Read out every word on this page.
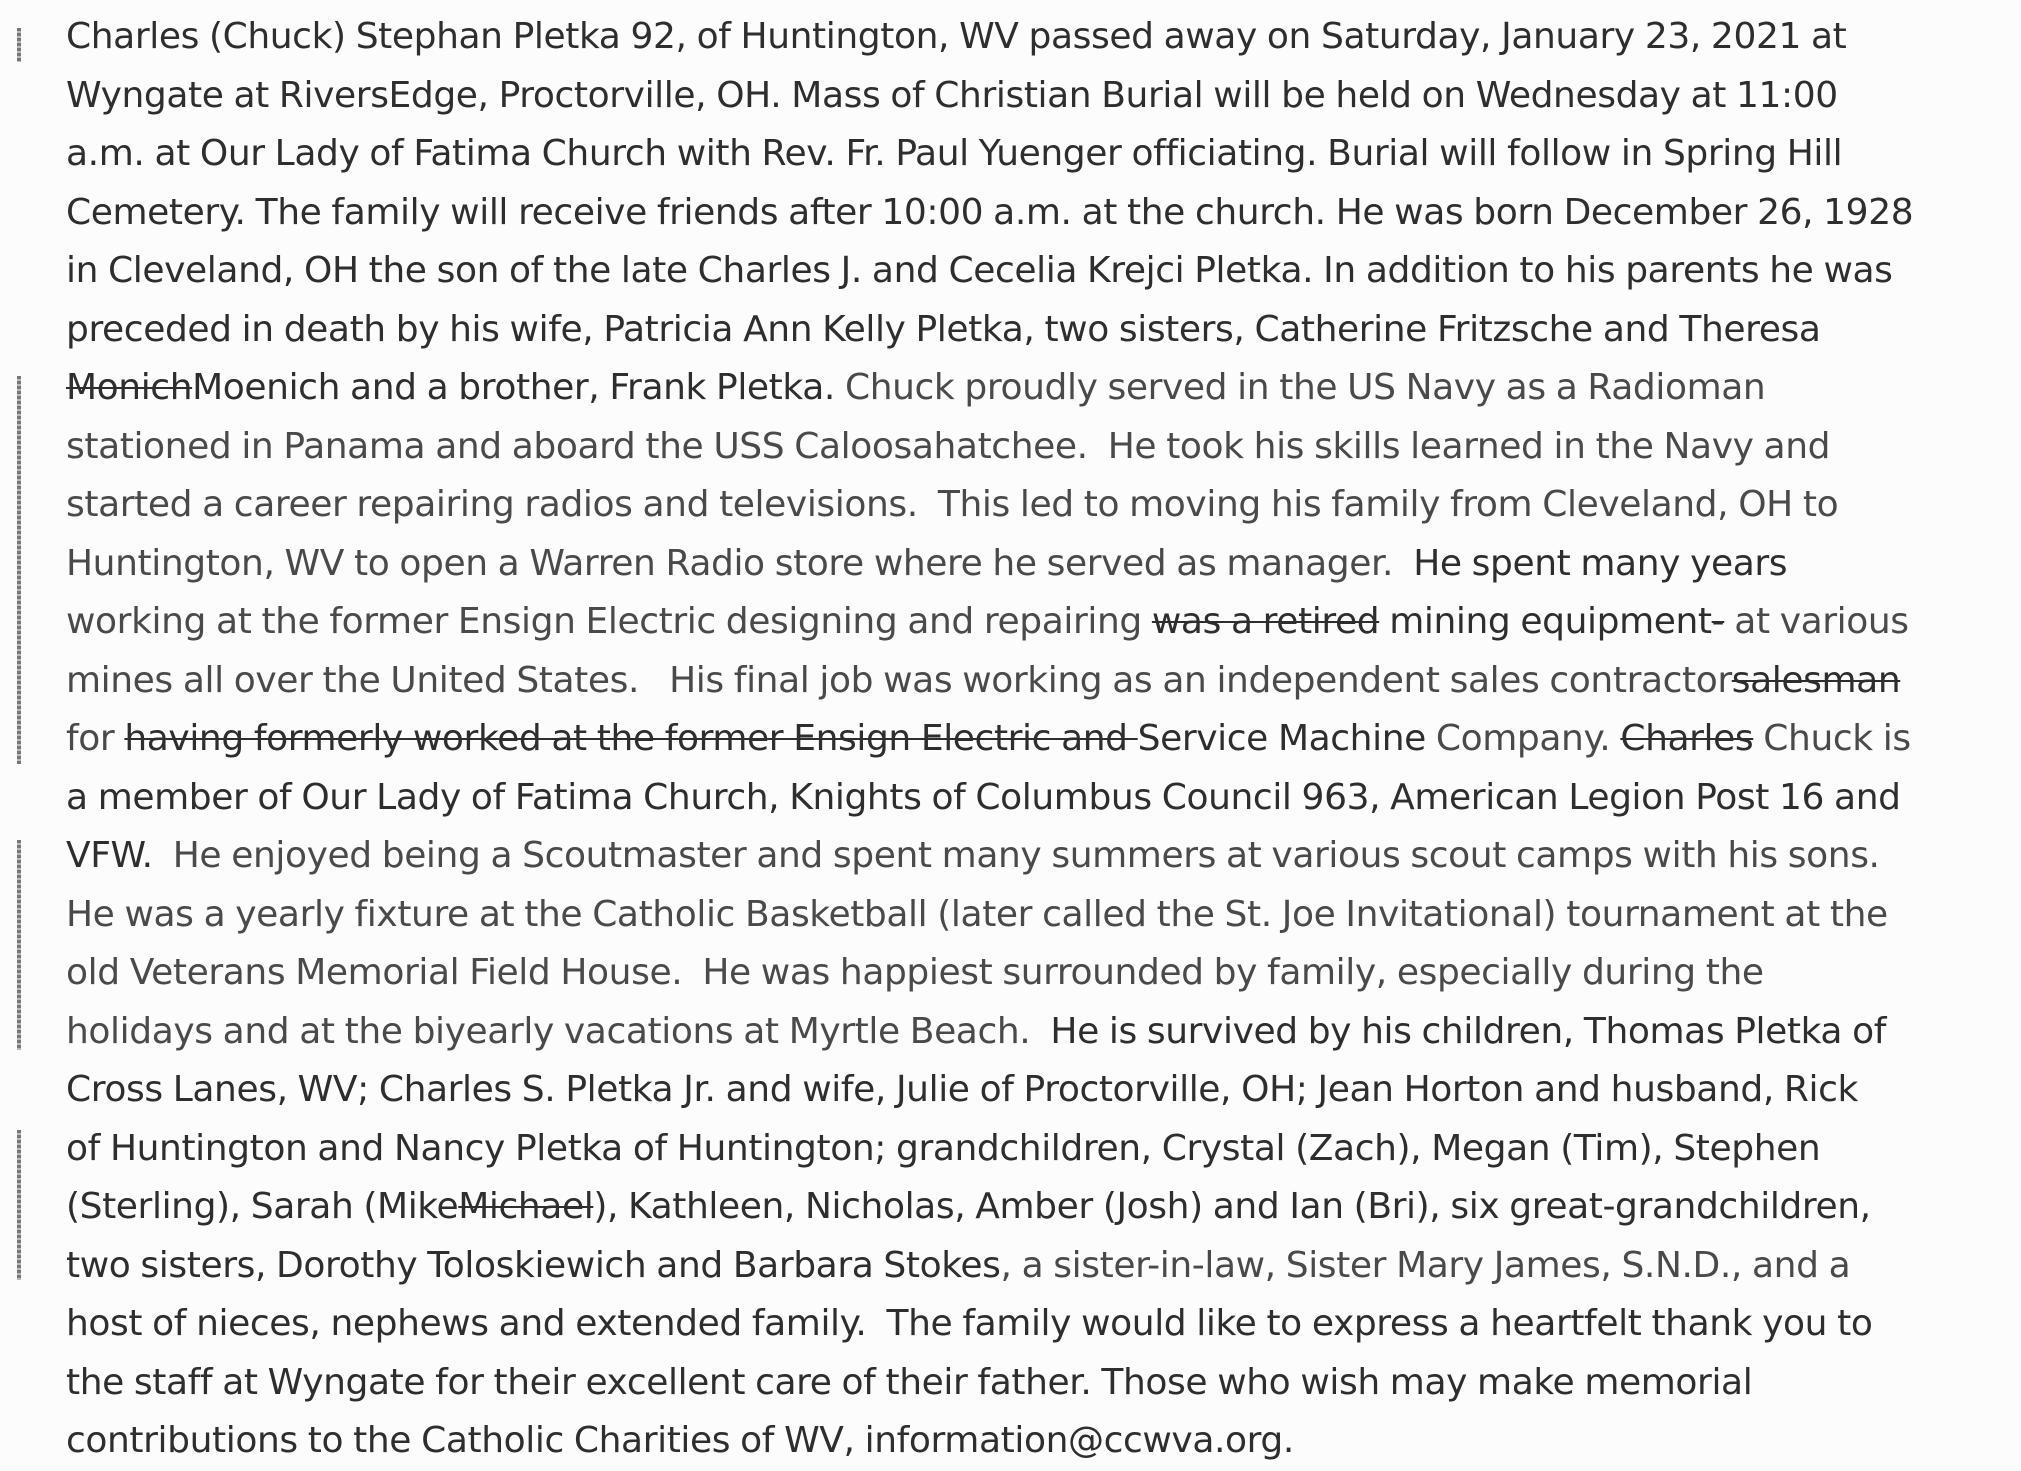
Charles (Chuck) Stephan Pletka 92, of Huntington, WV passed away on Saturday, January 23, 2021 at
Wyngate at RiversEdge, Proctorville, OH. Mass of Christian Burial will be held on Wednesday at 11:00
a.m. at Our Lady of Fatima Church with Rev. Fr. Paul Yuenger officiating. Burial will follow in Spring Hill
Cemetery. The family will receive friends after 10:00 a.m. at the church. He was born December 26, 1928
in Cleveland, OH the son of the late Charles J. and Cecelia Krejci Pletka. In addition to his parents he was
preceded in death by his wife, Patricia Ann Kelly Pletka, two sisters, Catherine Fritzsche and Theresa
MonichMoenich and a brother, Frank Pletka. Chuck proudly served in the US Navy as a Radioman
stationed in Panama and aboard the USS Caloosahatchee.  He took his skills learned in the Navy and
started a career repairing radios and televisions.  This led to moving his family from Cleveland, OH to
Huntington, WV to open a Warren Radio store where he served as manager.  He spent many years
working at the former Ensign Electric designing and repairing was a retired mining equipment- at various
mines all over the United States.   His final job was working as an independent sales contractorsalesman
for having formerly worked at the former Ensign Electric and Service Machine Company. Charles Chuck is
a member of Our Lady of Fatima Church, Knights of Columbus Council 963, American Legion Post 16 and
VFW.  He enjoyed being a Scoutmaster and spent many summers at various scout camps with his sons.
He was a yearly fixture at the Catholic Basketball (later called the St. Joe Invitational) tournament at the
old Veterans Memorial Field House.  He was happiest surrounded by family, especially during the
holidays and at the biyearly vacations at Myrtle Beach.  He is survived by his children, Thomas Pletka of
Cross Lanes, WV; Charles S. Pletka Jr. and wife, Julie of Proctorville, OH; Jean Horton and husband, Rick
of Huntington and Nancy Pletka of Huntington; grandchildren, Crystal (Zach), Megan (Tim), Stephen
(Sterling), Sarah (MikeMichael), Kathleen, Nicholas, Amber (Josh) and Ian (Bri), six great-grandchildren,
two sisters, Dorothy Toloskiewich and Barbara Stokes, a sister-in-law, Sister Mary James, S.N.D., and a
host of nieces, nephews and extended family.  The family would like to express a heartfelt thank you to
the staff at Wyngate for their excellent care of their father. Those who wish may make memorial
contributions to the Catholic Charities of WV, information@ccwva.org.
